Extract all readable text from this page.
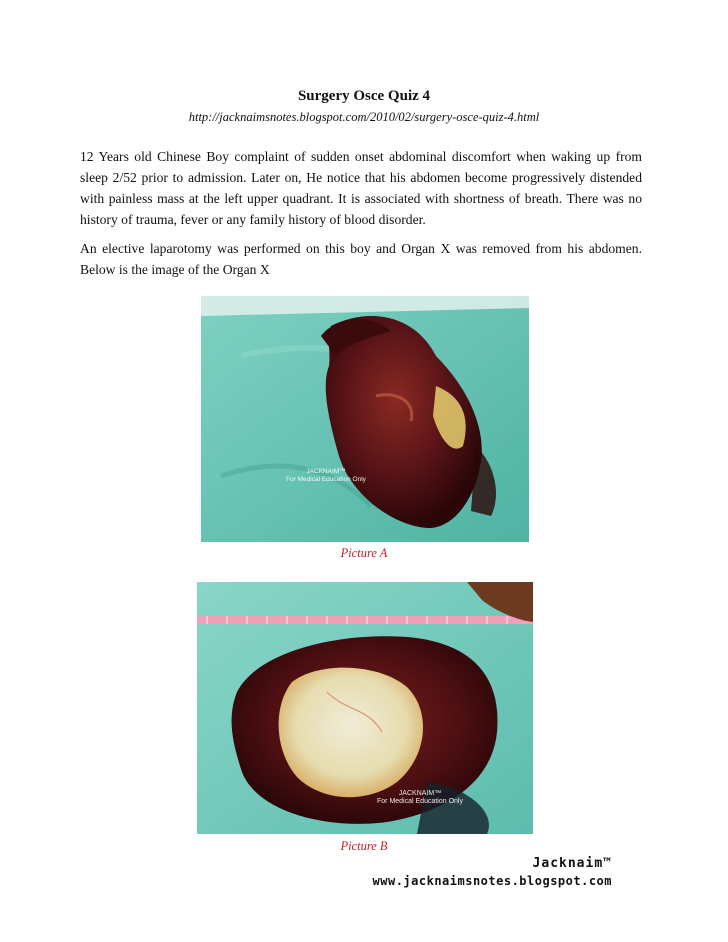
Surgery Osce Quiz 4
http://jacknaimsnotes.blogspot.com/2010/02/surgery-osce-quiz-4.html

12 Years old Chinese Boy complaint of sudden onset abdominal discomfort when waking up from sleep 2/52 prior to admission. Later on, He notice that his abdomen become progressively distended with painless mass at the left upper quadrant. It is associated with shortness of breath. There was no history of trauma, fever or any family history of blood disorder.

An elective laparotomy was performed on this boy and Organ X was removed from his abdomen. Below is the image of the Organ X

JACKNAIM™
For Medical Education Only
Picture A
JACKNAIM™
For Medical Education Only
Picture B
Jacknaim™
www.jacknaimsnotes.blogspot.com
